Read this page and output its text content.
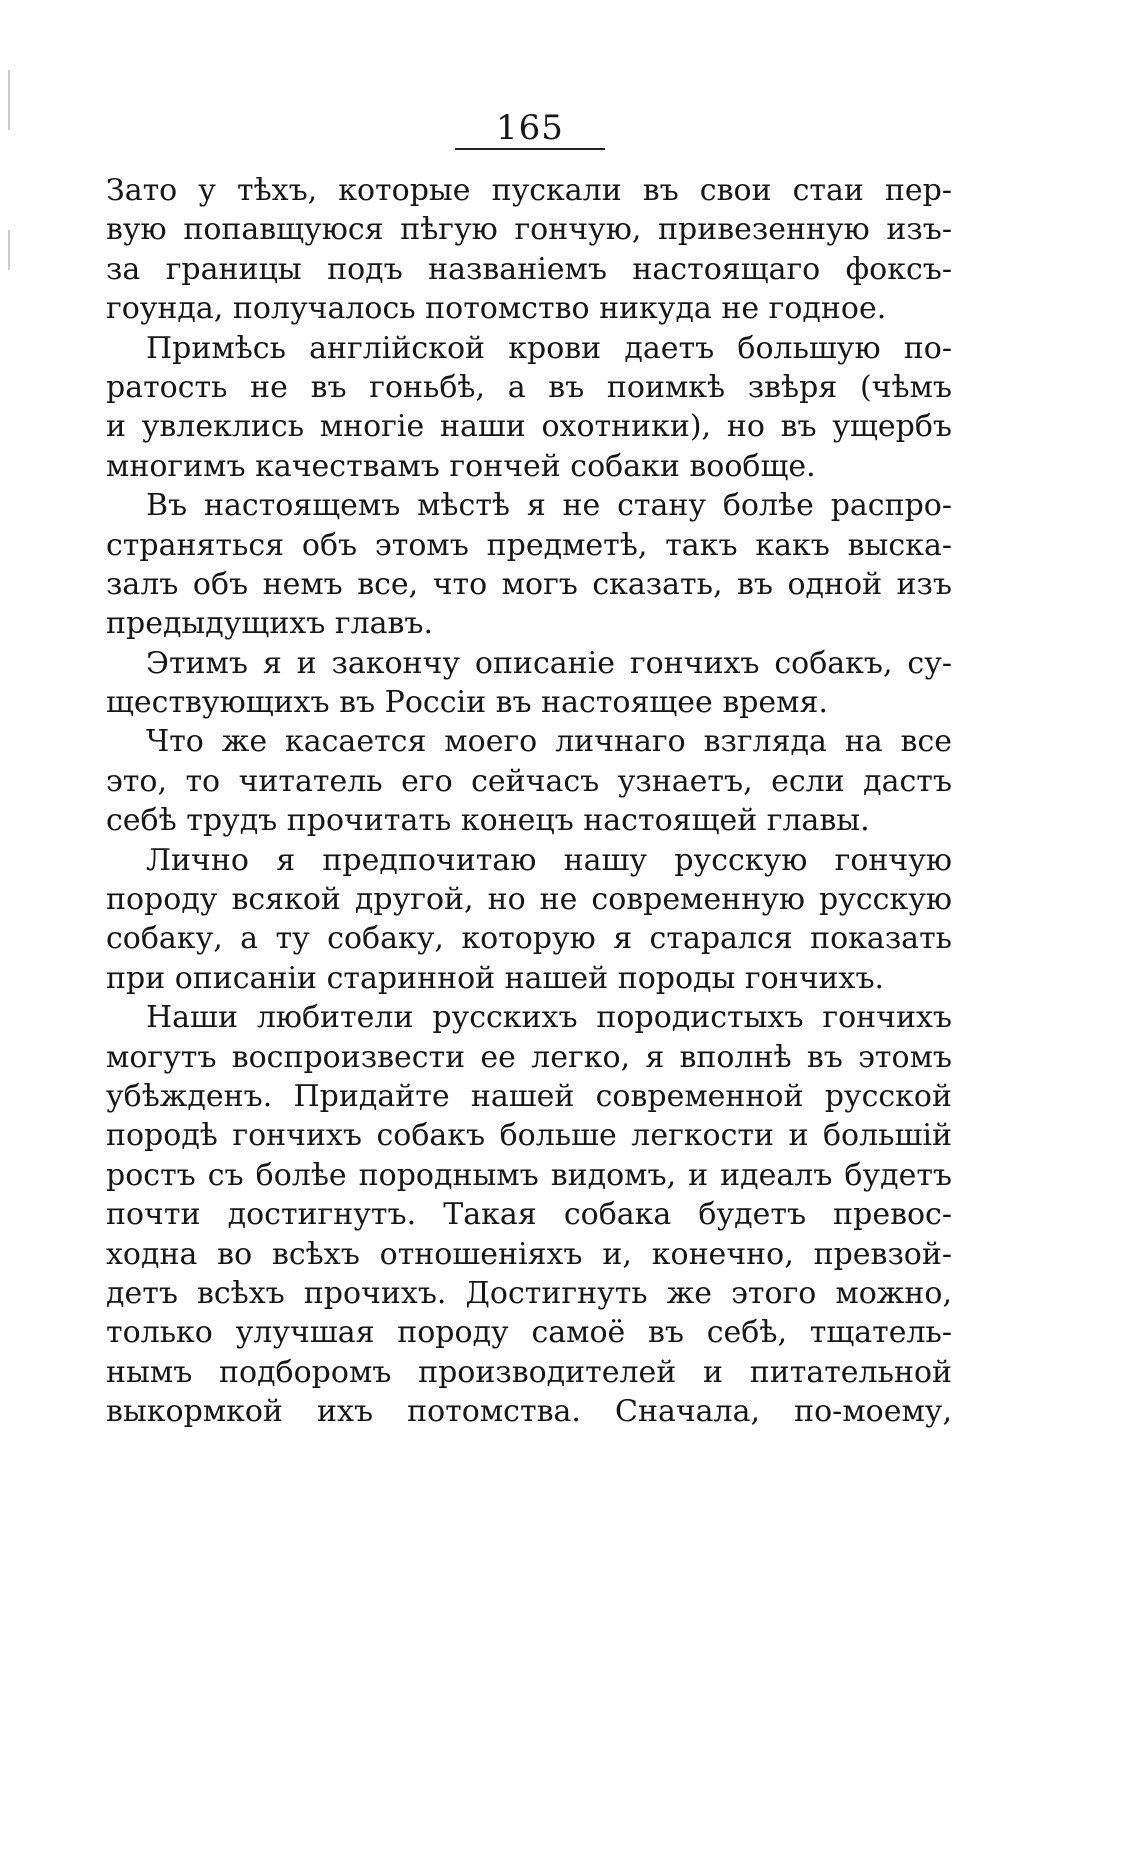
165
Зато у тѣхъ, которые пускали въ свои стаи пер-
вую попавщуюся пѣгую гончую, привезенную изъ-
за границы подъ названіемъ настоящаго фоксъ-
гоунда, получалось потомство никуда не годное.
Примѣсь англійской крови даетъ большую по-
ратость не въ гоньбѣ, а въ поимкѣ звѣря (чѣмъ
и увлеклись многіе наши охотники), но въ ущербъ
многимъ качествамъ гончей собаки вообще.
Въ настоящемъ мѣстѣ я не стану болѣе распро-
страняться объ этомъ предметѣ, такъ какъ выска-
залъ объ немъ все, что могъ сказать, въ одной изъ
предыдущихъ главъ.
Этимъ я и закончу описаніе гончихъ собакъ, су-
ществующихъ въ Россіи въ настоящее время.
Что же касается моего личнаго взгляда на все
это, то читатель его сейчасъ узнаетъ, если дастъ
себѣ трудъ прочитать конецъ настоящей главы.
Лично я предпочитаю нашу русскую гончую
породу всякой другой, но не современную русскую
собаку, а ту собаку, которую я старался показать
при описаніи старинной нашей породы гончихъ.
Наши любители русскихъ породистыхъ гончихъ
могутъ воспроизвести ее легко, я вполнѣ въ этомъ
убѣжденъ. Придайте нашей современной русской
породѣ гончихъ собакъ больше легкости и большій
ростъ съ болѣе породнымъ видомъ, и идеалъ будетъ
почти достигнутъ. Такая собака будетъ превос-
ходна во всѣхъ отношеніяхъ и, конечно, превзой-
детъ всѣхъ прочихъ. Достигнуть же этого можно,
только улучшая породу самоё въ себѣ, тщатель-
нымъ подборомъ производителей и питательной
выкормкой ихъ потомства. Сначала, по-моему,
